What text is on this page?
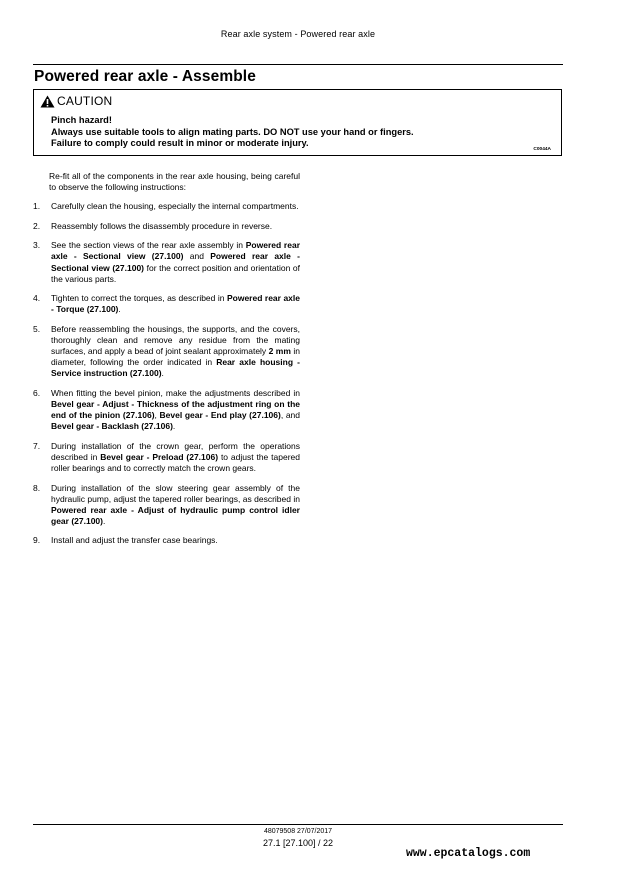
Rear axle system - Powered rear axle
Powered rear axle - Assemble
CAUTION
Pinch hazard!
Always use suitable tools to align mating parts. DO NOT use your hand or fingers.
Failure to comply could result in minor or moderate injury.
C0044A

Re-fit all of the components in the rear axle housing, being careful to observe the following instructions:

1.	Carefully clean the housing, especially the internal compartments.
2.	Reassembly follows the disassembly procedure in reverse.
3.	See the section views of the rear axle assembly in Powered rear axle - Sectional view (27.100) and Powered rear axle - Sectional view (27.100) for the correct position and orientation of the various parts.
4.	Tighten to correct the torques, as described in Powered rear axle - Torque (27.100).
5.	Before reassembling the housings, the supports, and the covers, thoroughly clean and remove any residue from the mating surfaces, and apply a bead of joint sealant approximately 2 mm in diameter, following the order indicated in Rear axle housing - Service instruction (27.100).
6.	When fitting the bevel pinion, make the adjustments described in Bevel gear - Adjust - Thickness of the adjustment ring on the end of the pinion (27.106), Bevel gear - End play (27.106), and Bevel gear - Backlash (27.106).
7.	During installation of the crown gear, perform the operations described in Bevel gear - Preload (27.106) to adjust the tapered roller bearings and to correctly match the crown gears.
8.	During installation of the slow steering gear assembly of the hydraulic pump, adjust the tapered roller bearings, as described in Powered rear axle - Adjust of hydraulic pump control idler gear (27.100).
9.	Install and adjust the transfer case bearings.
48079508 27/07/2017
27.1 [27.100] / 22
www.epcatalogs.com
